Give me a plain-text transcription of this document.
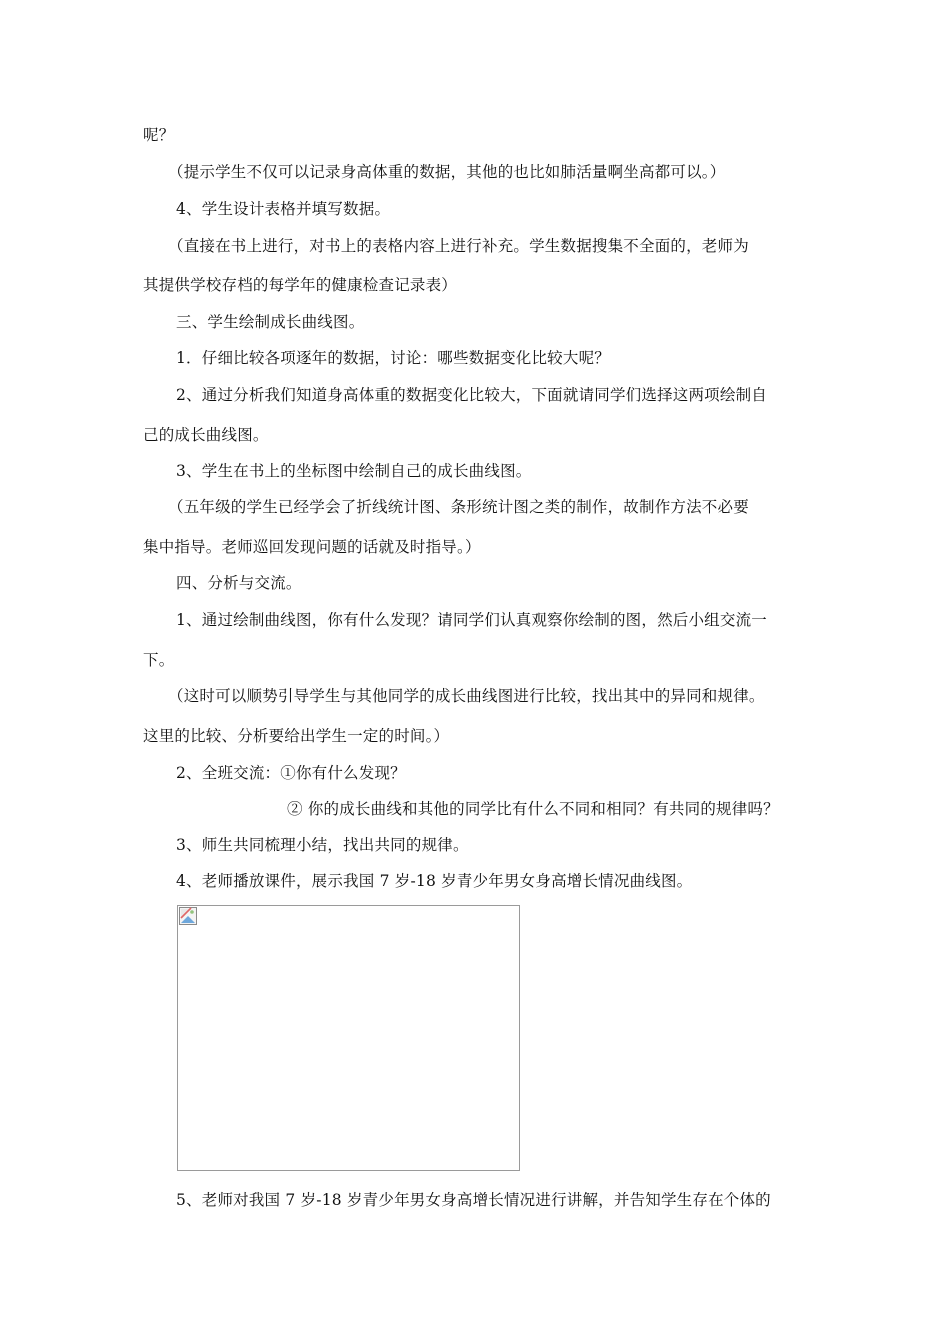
呢？
（提示学生不仅可以记录身高体重的数据，其他的也比如肺活量啊坐高都可以。）
4、学生设计表格并填写数据。
（直接在书上进行，对书上的表格内容上进行补充。学生数据搜集不全面的，老师为
其提供学校存档的每学年的健康检查记录表）
三、学生绘制成长曲线图。
1．仔细比较各项逐年的数据，讨论：哪些数据变化比较大呢？
2、通过分析我们知道身高体重的数据变化比较大，下面就请同学们选择这两项绘制自
己的成长曲线图。
3、学生在书上的坐标图中绘制自己的成长曲线图。
（五年级的学生已经学会了折线统计图、条形统计图之类的制作，故制作方法不必要
集中指导。老师巡回发现问题的话就及时指导。）
四、分析与交流。
1、通过绘制曲线图，你有什么发现？请同学们认真观察你绘制的图，然后小组交流一
下。
（这时可以顺势引导学生与其他同学的成长曲线图进行比较，找出其中的异同和规律。
这里的比较、分析要给出学生一定的时间。）
2、全班交流：①你有什么发现？
② 你的成长曲线和其他的同学比有什么不同和相同？有共同的规律吗？
3、师生共同梳理小结，找出共同的规律。
4、老师播放课件，展示我国 7 岁-18 岁青少年男女身高增长情况曲线图。
5、老师对我国 7 岁-18 岁青少年男女身高增长情况进行讲解，并告知学生存在个体的
